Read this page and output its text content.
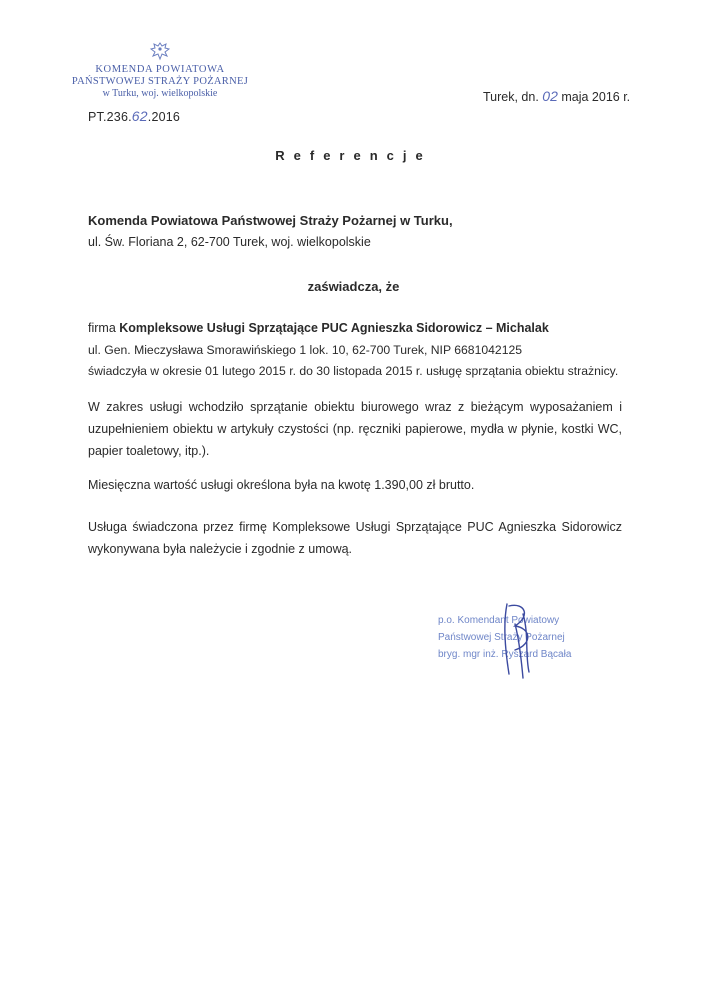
KOMENDA POWIATOWA
PAŃSTWOWEJ STRAŻY POŻARNEJ
w Turku, woj. wielkopolskie
PT.236.62.2016
Turek, dn. 02 maja 2016 r.
Referencje
Komenda Powiatowa Państwowej Straży Pożarnej w Turku,
ul. Św. Floriana 2, 62-700 Turek, woj. wielkopolskie
zaświadcza, że
firma Kompleksowe Usługi Sprzątające PUC Agnieszka Sidorowicz – Michalak
ul. Gen. Mieczysława Smorawińskiego 1 lok. 10, 62-700 Turek, NIP 6681042125
świadczyła w okresie 01 lutego 2015 r. do 30 listopada 2015 r. usługę sprzątania obiektu strażnicy.
W zakres usługi wchodziło sprzątanie obiektu biurowego wraz z bieżącym wyposażaniem i uzupełnieniem obiektu w artykuły czystości (np. ręczniki papierowe, mydła w płynie, kostki WC, papier toaletowy, itp.).
Miesięczna wartość usługi określona była na kwotę 1.390,00 zł brutto.
Usługa świadczona przez firmę Kompleksowe Usługi Sprzątające PUC Agnieszka Sidorowicz wykonywana była należycie i zgodnie z umową.
p.o. Komendant Powiatowy
Państwowej Straży Pożarnej
bryg. mgr inż. Ryszard Bącała
